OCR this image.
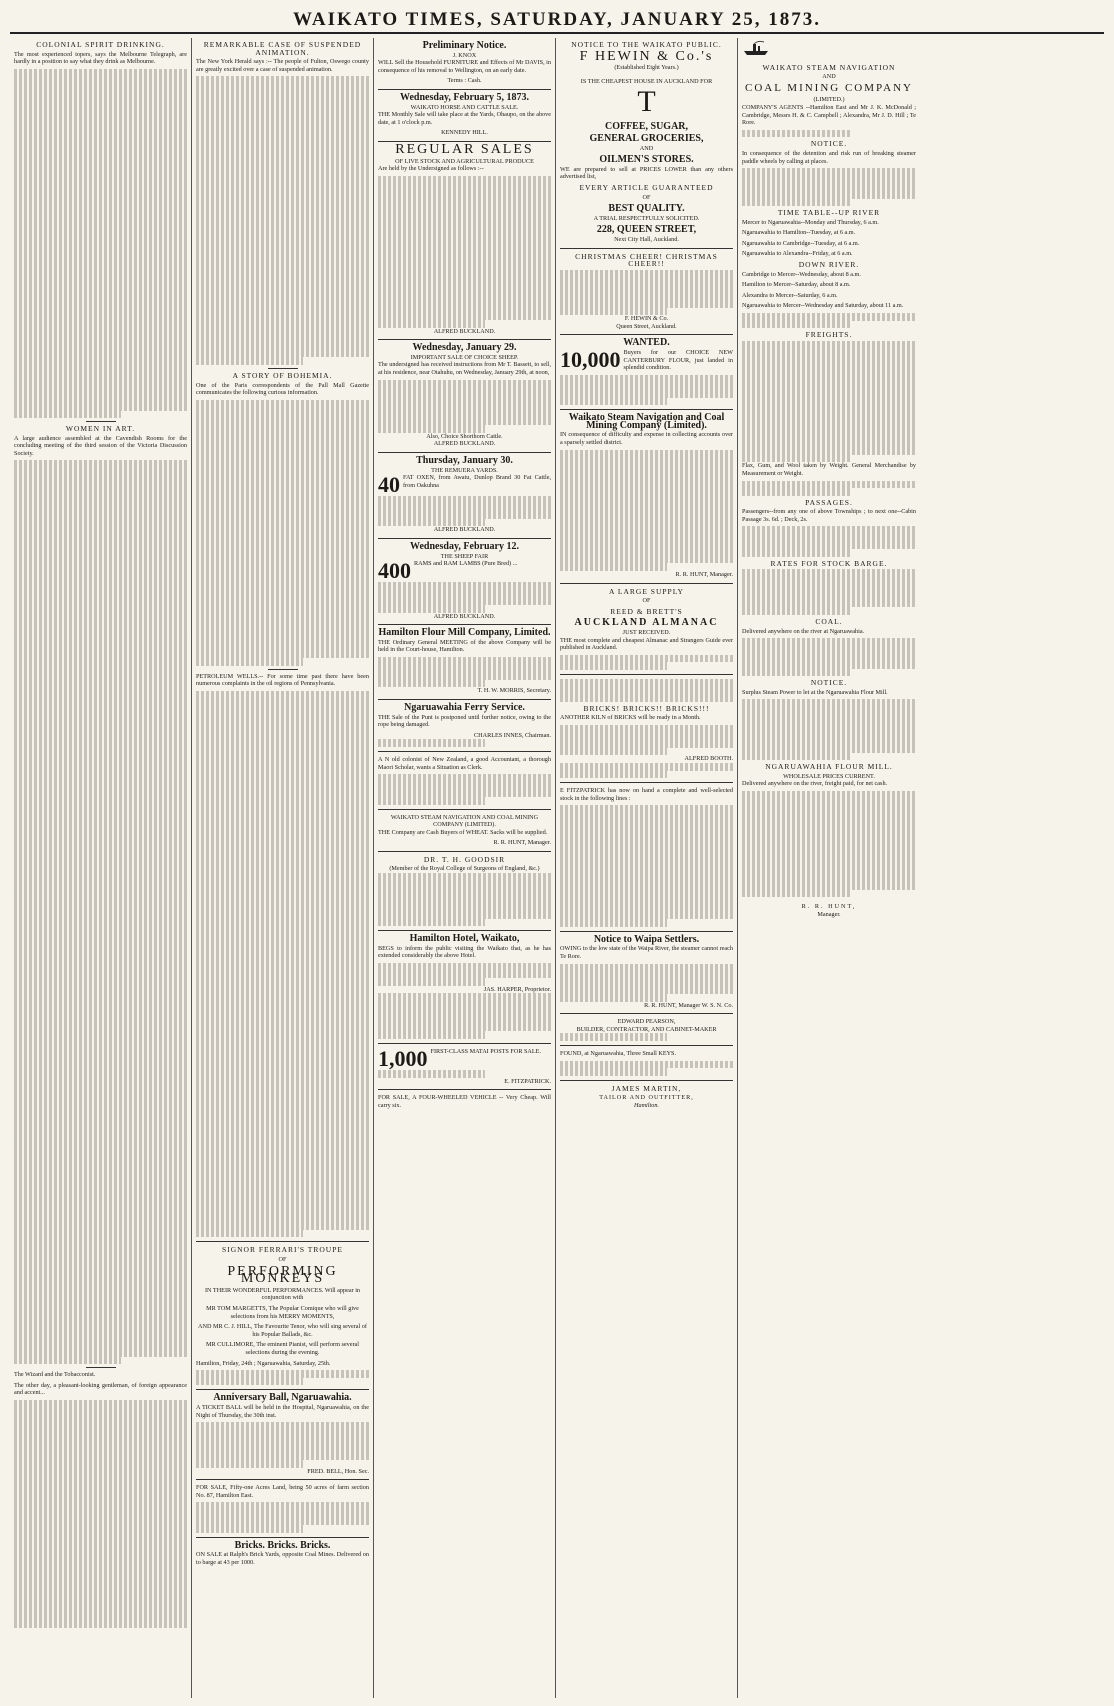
WAIKATO TIMES, SATURDAY, JANUARY 25, 1873.
COLONIAL SPIRIT DRINKING.
The most experienced topers, says the Melbourne Telegraph, are hardly in a position to say what they drink as Melbourne.
WOMEN IN ART.
A large audience assembled at the Cavendish Rooms for the concluding meeting of the third session of the Victoria Discussion Society.
The Wizard and the Tobacconist.
The other day, a pleasant-looking gentleman, of foreign appearance and accent...
REMARKABLE CASE OF SUSPENDED ANIMATION.
The New York Herald says :-- The people of Fulton, Oswego county are greatly excited over a case of suspended animation.
A STORY OF BOHEMIA.
One of the Paris correspondents of the Pall Mall Gazette communicates the following curious information.
PETROLEUM WELLS.-- For some time past there have been numerous complaints in the oil regions of Pennsylvania.
SIGNOR FERRARI'S TROUPE
OF
PERFORMING MONKEYS
IN THEIR WONDERFUL PERFORMANCES. Will appear in conjunction with
MR TOM MARGETTS, The Popular Comique who will give selections from his MERRY MOMENTS,
AND MR C. J. HILL, The Favourite Tenor, who will sing several of his Popular Ballads, &c.
MR CULLIMORE, The eminent Pianist, will perform several selections during the evening.
Hamilton, Friday, 24th ; Ngaruawahia, Saturday, 25th.
Anniversary Ball, Ngaruawahia.
A TICKET BALL will be held in the Hospital, Ngaruawahia, on the Night of Thursday, the 30th inst.
FRED. BELL, Hon. Sec.
FOR SALE, Fifty-one Acres Land, being 50 acres of farm section No. 87, Hamilton East.
Bricks. Bricks. Bricks.
ON SALE at Ralph's Brick Yards, opposite Coal Mines. Delivered on to barge at 43 per 1000.
Preliminary Notice.
J. KNOX
WILL Sell the Household FURNITURE and Effects of Mr DAVIS, in consequence of his removal to Wellington, on an early date.
Terms : Cash.
Wednesday, February 5, 1873.
WAIKATO HORSE AND CATTLE SALE.
THE Monthly Sale will take place at the Yards, Ohaupo, on the above date, at 1 o'clock p.m.
KENNEDY HILL.
REGULAR SALES
OF LIVE STOCK AND AGRICULTURAL PRODUCE
Are held by the Undersigned as follows :--
ALFRED BUCKLAND.
Wednesday, January 29.
IMPORTANT SALE OF CHOICE SHEEP.
The undersigned has received instructions from Mr T. Bassett, to sell, at his residence, near Otahuhu, on Wednesday, January 29th, at noon,
Also, Choice Shorthorn Cattle.
ALFRED BUCKLAND.
Thursday, January 30.
THE REMUERA YARDS.
40 FAT OXEN, from Awatu, Dunlop Brand 30 Fat Cattle, from Oakuhna
ALFRED BUCKLAND.
Wednesday, February 12.
THE SHEEP FAIR
400 RAMS and RAM LAMBS (Pure Bred) ...
ALFRED BUCKLAND.
Hamilton Flour Mill Company, Limited.
THE Ordinary General MEETING of the above Company will be held in the Court-house, Hamilton.
T. H. W. MORRIS, Secretary.
Ngaruawahia Ferry Service.
THE Sale of the Punt is postponed until further notice, owing to the rope being damaged.
CHARLES INNES, Chairman.
A N old colonist of New Zealand, a good Accountant, a thorough Maori Scholar, wants a Situation as Clerk.
WAIKATO STEAM NAVIGATION AND COAL MINING COMPANY (LIMITED).
THE Company are Cash Buyers of WHEAT. Sacks will be supplied.
R. R. HUNT, Manager.
DR. T. H. GOODSIR
(Member of the Royal College of Surgeons of England, &c.)
Hamilton Hotel, Waikato,
BEGS to inform the public visiting the Waikato that, as he has extended considerably the above Hotel.
JAS. HARPER, Proprietor.
1,000 FIRST-CLASS MATAI POSTS FOR SALE.
E. FITZPATRICK.
FOR SALE, A FOUR-WHEELED VEHICLE -- Very Cheap. Will carry six.
NOTICE TO THE WAIKATO PUBLIC.
F HEWIN & Co.'s
(Established Eight Years.)
IS THE CHEAPEST HOUSE IN AUCKLAND FOR
T
COFFEE, SUGAR,
GENERAL GROCERIES,
AND
OILMEN'S STORES.
WE are prepared to sell at PRICES LOWER than any others advertised list,
EVERY ARTICLE GUARANTEED
OF
BEST QUALITY.
A TRIAL RESPECTFULLY SOLICITED.
228, QUEEN STREET,
Next City Hall, Auckland.
CHRISTMAS CHEER! CHRISTMAS CHEER!!
F. HEWIN & Co.
Queen Street, Auckland.
WANTED.
10,000 Buyers for our CHOICE NEW CANTERBURY FLOUR, just landed in splendid condition.
Waikato Steam Navigation and Coal Mining Company (Limited).
IN consequence of difficulty and expense in collecting accounts over a sparsely settled district.
R. R. HUNT, Manager.
A LARGE SUPPLY
OF
REED & BRETT'S
AUCKLAND ALMANAC
JUST RECEIVED.
THE most complete and cheapest Almanac and Strangers Guide ever published in Auckland.
BRICKS! BRICKS!! BRICKS!!!
ANOTHER KILN of BRICKS will be ready in a Month.
ALFRED BOOTH.
E FITZPATRICK has now on hand a complete and well-selected stock in the following lines :
Notice to Waipa Settlers.
OWING to the low state of the Waipa River, the steamer cannot reach Te Rore.
R. R. HUNT, Manager W. S. N. Co.
EDWARD PEARSON,
BUILDER, CONTRACTOR, AND CABINET-MAKER
FOUND, at Ngaruawahia, Three Small KEYS.
JAMES MARTIN,
TAILOR AND OUTFITTER,
Hamilton.
WAIKATO STEAM NAVIGATION
AND
COAL MINING COMPANY
(LIMITED.)
COMPANY'S AGENTS --Hamilton East and Mr J. K. McDonald ; Cambridge, Messrs H. & C. Campbell ; Alexandra, Mr J. D. Hill ; Te Rore.
NOTICE.
In consequence of the detention and risk run of breaking steamer paddle wheels by calling at places.
TIME TABLE--UP RIVER
Mercer to Ngaruawahia--Monday and Thursday, 6 a.m.
Ngaruawahia to Hamilton--Tuesday, at 6 a.m.
Ngaruawahia to Cambridge--Tuesday, at 6 a.m.
Ngaruawahia to Alexandra--Friday, at 6 a.m.
DOWN RIVER.
Cambridge to Mercer--Wednesday, about 8 a.m.
Hamilton to Mercer--Saturday, about 8 a.m.
Alexandra to Mercer--Saturday, 6 a.m.
Ngaruawahia to Mercer--Wednesday and Saturday, about 11 a.m.
FREIGHTS.
Flax, Gum, and Wool taken by Weight. General Merchandise by Measurement or Weight.
PASSAGES.
Passengers--from any one of above Townships ; to next one--Cabin Passage 3s. 6d. ; Deck, 2s.
RATES FOR STOCK BARGE.
COAL.
Delivered anywhere on the river at Ngaruawahia.
NOTICE.
Surplus Steam Power to let at the Ngaruawahia Flour Mill.
NGARUAWAHIA FLOUR MILL.
WHOLESALE PRICES CURRENT.
Delivered anywhere on the river, freight paid, for net cash.
R. R. HUNT,
Manager.
